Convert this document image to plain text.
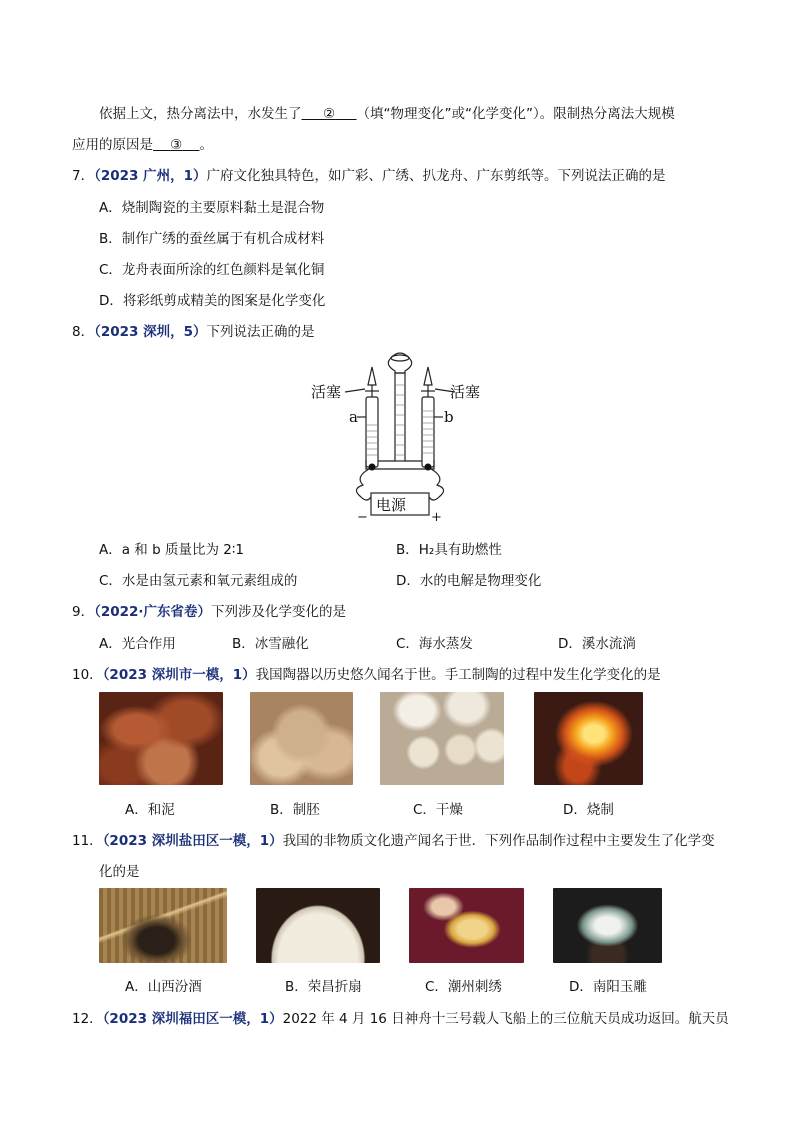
依据上文，热分离法中，水发生了 ② （填“物理变化”或“化学变化”）。限制热分离法大规模
应用的原因是 ③ 。
7．（2023 广州，1）广府文化独具特色，如广彩、广绣、扒龙舟、广东剪纸等。下列说法正确的是
A．烧制陶瓷的主要原料黏土是混合物
B．制作广绣的蚕丝属于有机合成材料
C．龙舟表面所涂的红色颜料是氧化铜
D．将彩纸剪成精美的图案是化学变化
8．（2023 深圳，5）下列说法正确的是
活塞	活塞
a	b
电源
−	+
A．a 和 b 质量比为 2∶1	B．H₂具有助燃性
C．水是由氢元素和氧元素组成的	D．水的电解是物理变化
9．（2022·广东省卷）下列涉及化学变化的是
A．光合作用	B．冰雪融化	C．海水蒸发	D．溪水流淌
10．（2023 深圳市一模，1）我国陶器以历史悠久闻名于世。手工制陶的过程中发生化学变化的是
A．和泥	B．制胚	C．干燥	D．烧制
11．（2023 深圳盐田区一模，1）我国的非物质文化遗产闻名于世．下列作品制作过程中主要发生了化学变
化的是
A．山西汾酒	B．荣昌折扇	C．潮州刺绣	D．南阳玉雕
12．（2023 深圳福田区一模，1）2022 年 4 月 16 日神舟十三号载人飞船上的三位航天员成功返回。航天员
